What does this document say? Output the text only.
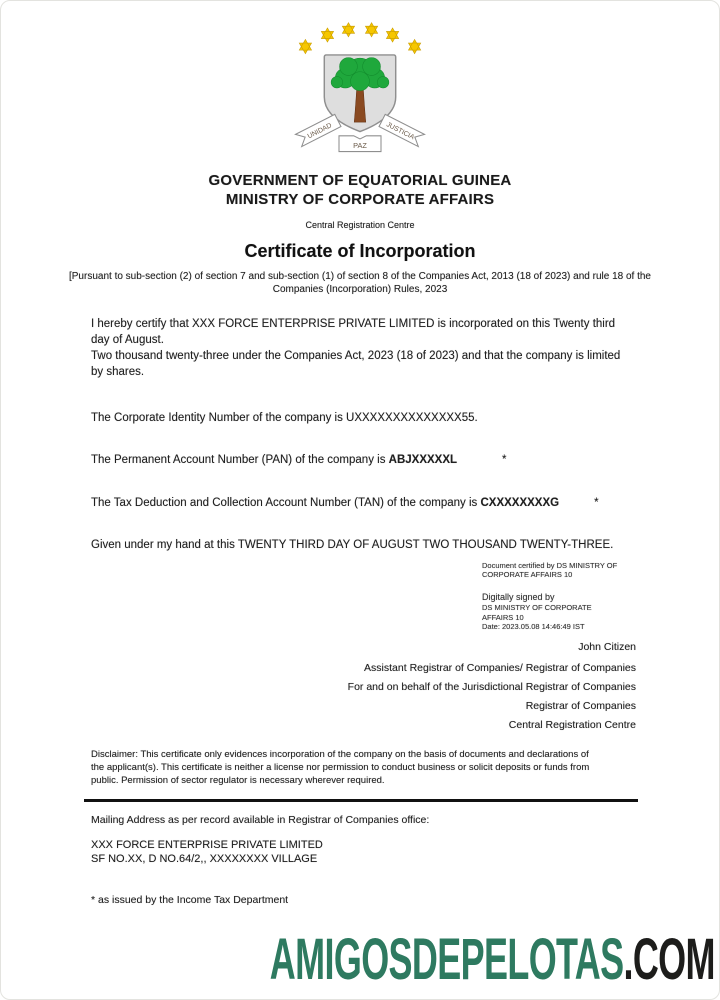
UNIDAD	JUSTICIA
PAZ
GOVERNMENT OF EQUATORIAL GUINEA
MINISTRY OF CORPORATE AFFAIRS
Central Registration Centre
Certificate of Incorporation
[Pursuant to sub-section (2) of section 7 and sub-section (1) of section 8 of the Companies Act, 2013 (18 of 2023) and rule 18 of the Companies (Incorporation) Rules, 2023

I hereby certify that XXX FORCE ENTERPRISE PRIVATE LIMITED is incorporated on this Twenty third day of August.
Two thousand twenty-three under the Companies Act, 2023 (18 of 2023) and that the company is limited by shares.

The Corporate Identity Number of the company is UXXXXXXXXXXXXXX55.

The Permanent Account Number (PAN) of the company is ABJXXXXXL	*

The Tax Deduction and Collection Account Number (TAN) of the company is CXXXXXXXXG	*

Given under my hand at this TWENTY THIRD DAY OF AUGUST TWO THOUSAND TWENTY-THREE.

Document certified by DS MINISTRY OF CORPORATE AFFAIRS 10
Digitally signed by
DS MINISTRY OF CORPORATE AFFAIRS 10
Date: 2023.05.08 14:46:49 IST
John Citizen
Assistant Registrar of Companies/ Registrar of Companies
For and on behalf of the Jurisdictional Registrar of Companies
Registrar of Companies
Central Registration Centre

Disclaimer: This certificate only evidences incorporation of the company on the basis of documents and declarations of the applicant(s). This certificate is neither a license nor permission to conduct business or solicit deposits or funds from public. Permission of sector regulator is necessary wherever required.

Mailing Address as per record available in Registrar of Companies office:
XXX FORCE ENTERPRISE PRIVATE LIMITED
SF NO.XX, D NO.64/2,, XXXXXXXX VILLAGE
* as issued by the Income Tax Department
AMIGOSDEPELOTAS.COM
